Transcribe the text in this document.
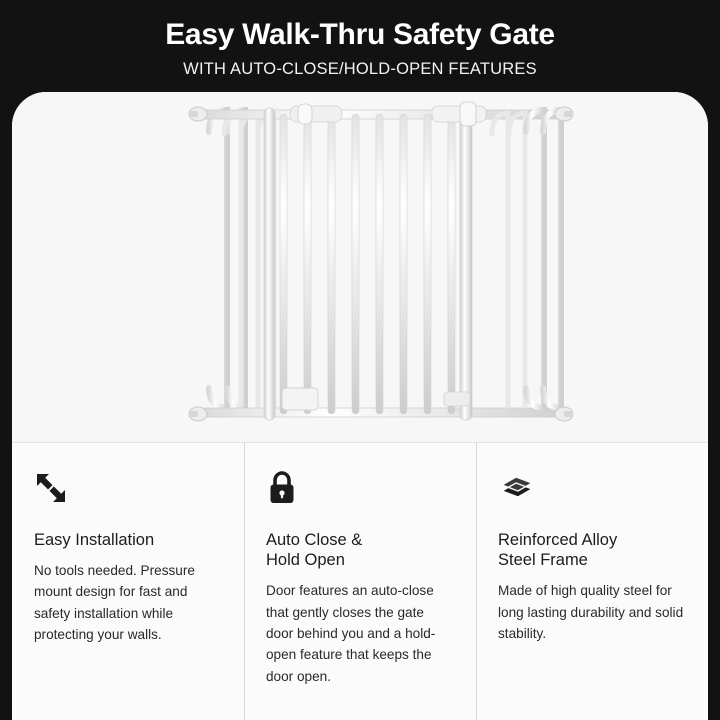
Easy Walk-Thru Safety Gate
WITH AUTO-CLOSE/HOLD-OPEN FEATURES
Easy Installation
No tools needed. Pressure mount design for fast and safety installation while protecting your walls.
Auto Close &
Hold Open
Door features an auto-close that gently closes the gate door behind you and a hold-open feature that keeps the door open.
Reinforced Alloy
Steel Frame
Made of high quality steel for long lasting durability and solid stability.
